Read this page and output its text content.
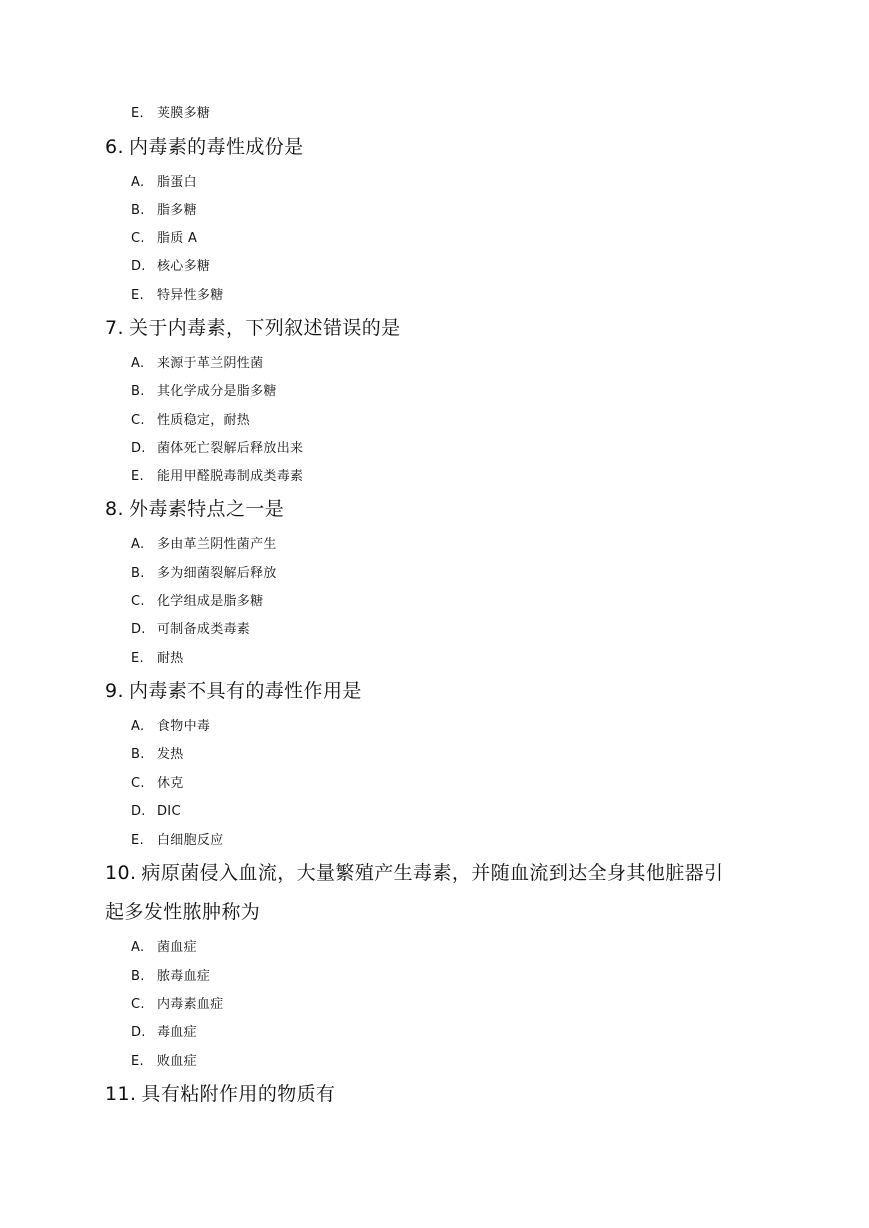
E. 荚膜多糖

6. 内毒素的毒性成份是

A. 脂蛋白

B. 脂多糖

C. 脂质 A

D. 核心多糖

E. 特异性多糖

7. 关于内毒素，下列叙述错误的是

A. 来源于革兰阴性菌

B. 其化学成分是脂多糖

C. 性质稳定，耐热

D. 菌体死亡裂解后释放出来

E. 能用甲醛脱毒制成类毒素

8. 外毒素特点之一是

A. 多由革兰阴性菌产生

B. 多为细菌裂解后释放

C. 化学组成是脂多糖

D. 可制备成类毒素

E. 耐热

9. 内毒素不具有的毒性作用是

A. 食物中毒

B. 发热

C. 休克

D. DIC

E. 白细胞反应

10. 病原菌侵入血流，大量繁殖产生毒素，并随血流到达全身其他脏器引

起多发性脓肿称为

A. 菌血症

B. 脓毒血症

C. 内毒素血症

D. 毒血症

E. 败血症

11. 具有粘附作用的物质有
